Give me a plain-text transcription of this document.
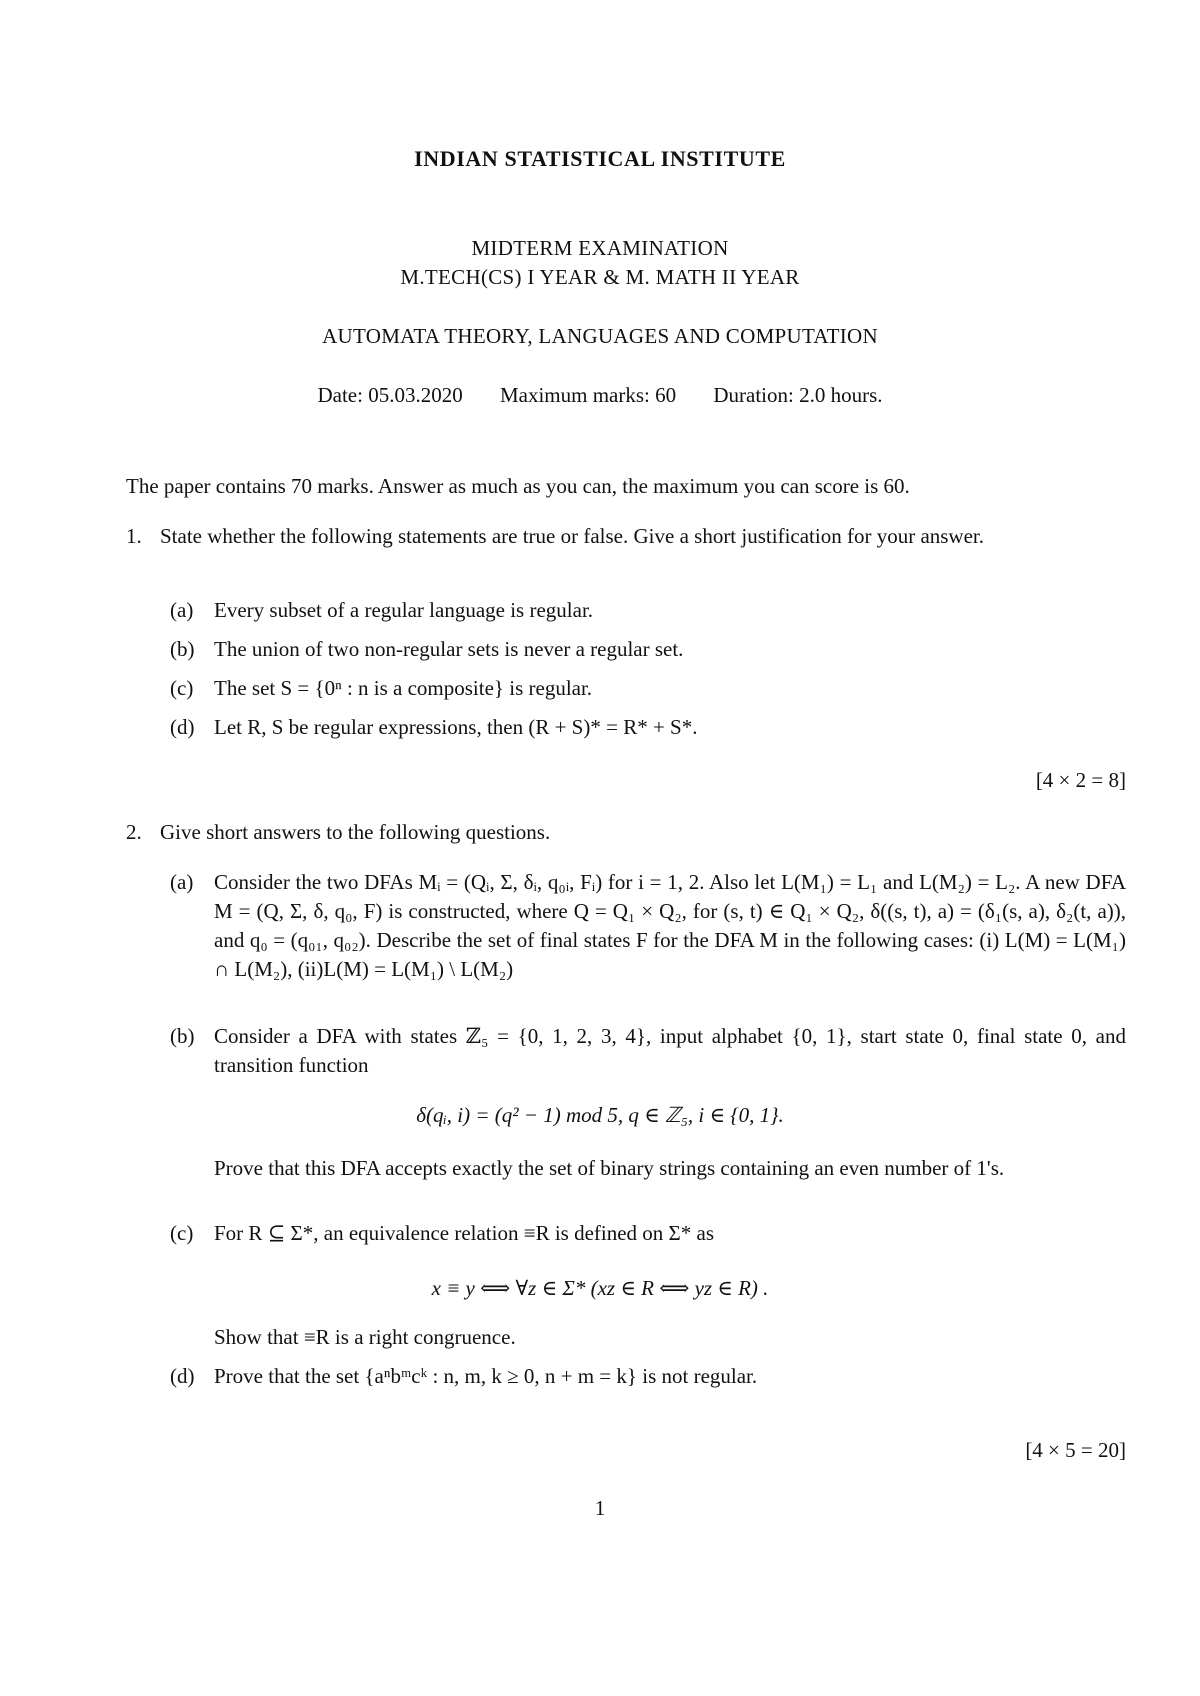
INDIAN STATISTICAL INSTITUTE
MIDTERM EXAMINATION
M.TECH(CS) I YEAR & M. MATH II YEAR
AUTOMATA THEORY, LANGUAGES AND COMPUTATION
Date: 05.03.2020 Maximum marks: 60 Duration: 2.0 hours.

The paper contains 70 marks. Answer as much as you can, the maximum you can score is 60.

1. State whether the following statements are true or false. Give a short justification for your answer.
(a) Every subset of a regular language is regular.
(b) The union of two non-regular sets is never a regular set.
(c) The set S = {0ⁿ : n is a composite} is regular.
(d) Let R, S be regular expressions, then (R + S)* = R* + S*.
[4 × 2 = 8]
2. Give short answers to the following questions.
(a) Consider the two DFAs Mᵢ = (Qᵢ, Σ, δᵢ, q₀ᵢ, Fᵢ) for i = 1, 2. Also let L(M₁) = L₁ and L(M₂) = L₂. A new DFA M = (Q, Σ, δ, q₀, F) is constructed, where Q = Q₁ × Q₂, for (s, t) ∈ Q₁ × Q₂, δ((s, t), a) = (δ₁(s, a), δ₂(t, a)), and q₀ = (q₀₁, q₀₂). Describe the set of final states F for the DFA M in the following cases: (i) L(M) = L(M₁) ∩ L(M₂), (ii)L(M) = L(M₁) \ L(M₂)
(b) Consider a DFA with states ℤ₅ = {0, 1, 2, 3, 4}, input alphabet {0, 1}, start state 0, final state 0, and transition function
δ(qᵢ, i) = (q² − 1) mod 5, q ∈ ℤ₅, i ∈ {0, 1}.
Prove that this DFA accepts exactly the set of binary strings containing an even number of 1's.
(c) For R ⊆ Σ*, an equivalence relation ≡R is defined on Σ* as
x ≡ y ⟺ ∀z ∈ Σ* (xz ∈ R ⟺ yz ∈ R) .
Show that ≡R is a right congruence.
(d) Prove that the set {aⁿbᵐcᵏ : n, m, k ≥ 0, n + m = k} is not regular.
[4 × 5 = 20]
1
